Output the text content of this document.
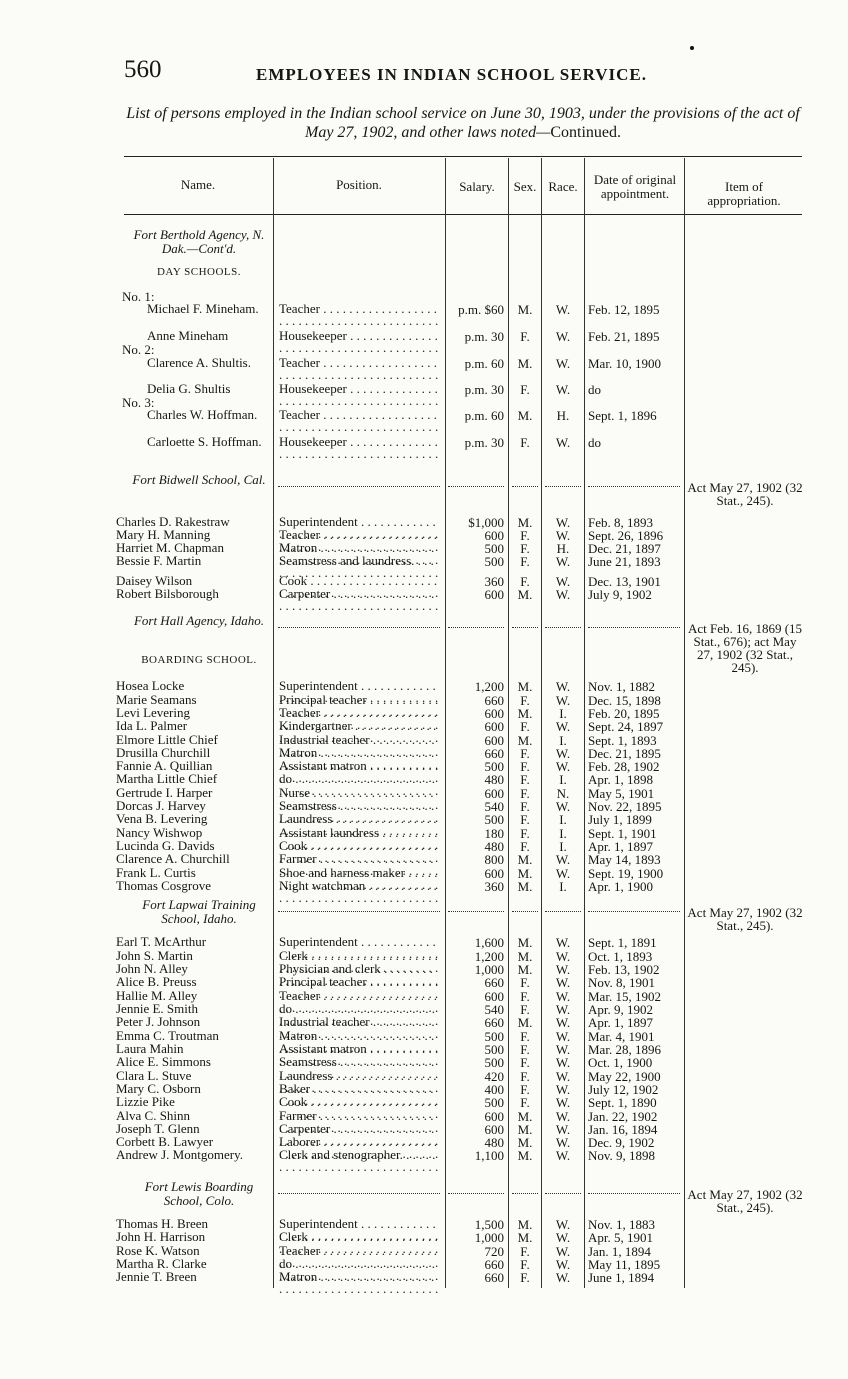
560	EMPLOYEES IN INDIAN SCHOOL SERVICE.
List of persons employed in the Indian school service on June 30, 1903, under the provisions of the act of May 27, 1902, and other laws noted—Continued.
Name.	Position.	Salary.	Sex. Race.	Date of original appointment.	Item of appropriation.
Fort Berthold Agency, N. Dak.—Cont'd.
DAY SCHOOLS.
No. 1:
Michael F. Mineham.	Teacher . . .	p.m. $60	M.	W.	Feb. 12, 1895
Anne Mineham	Housekeeper . . .	p.m. 30	F.	W.	Feb. 21, 1895
No. 2:
Clarence A. Shultis.	Teacher . . .	p.m. 60	M.	W.	Mar. 10, 1900
Delia G. Shultis	Housekeeper . . .	p.m. 30	F.	W.	do
No. 3:
Charles W. Hoffman.	Teacher . . .	p.m. 60	M.	H.	Sept. 1, 1896
Carloette S. Hoffman.	Housekeeper . . .	p.m. 30	F.	W.	do
Fort Bidwell School, Cal.
Act May 27, 1902 (32 Stat., 245).
Charles D. Rakestraw	Superintendent . . .	$1,000	M.	W.	Feb. 8, 1893
Mary H. Manning	Teacher . . .	600	F.	W.	Sept. 26, 1896
Harriet M. Chapman	Matron . . .	500	F.	H.	Dec. 21, 1897
Bessie F. Martin	Seamstress and laundress. . . .	500	F.	W.	June 21, 1893
Daisey Wilson	Cook . . .	360	F.	W.	Dec. 13, 1901
Robert Bilsborough	Carpenter . . .	600	M.	W.	July 9, 1902
Fort Hall Agency, Idaho.
BOARDING SCHOOL.
Act Feb. 16, 1869 (15 Stat., 676); act May 27, 1902 (32 Stat., 245).
Hosea Locke	Superintendent . . .	1,200	M.	W.	Nov. 1, 1882
Marie Seamans	Principal teacher . . .	660	F.	W.	Dec. 15, 1898
Levi Levering	Teacher . . .	600	M.	I.	Feb. 20, 1895
Ida L. Palmer	Kindergartner . . .	600	F.	W.	Sept. 24, 1897
Elmore Little Chief	Industrial teacher . . .	600	M.	I.	Sept. 1, 1893
Drusilla Churchill	Matron . . .	660	F.	W.	Dec. 21, 1895
Fannie A. Quillian	Assistant matron . . .	500	F.	W.	Feb. 28, 1902
Martha Little Chief	do . . .	480	F.	I.	Apr. 1, 1898
Gertrude I. Harper	Nurse . . .	600	F.	N.	May 5, 1901
Dorcas J. Harvey	Seamstress . . .	540	F.	W.	Nov. 22, 1895
Vena B. Levering	Laundress . . .	500	F.	I.	July 1, 1899
Nancy Wishwop	Assistant laundress . . .	180	F.	I.	Sept. 1, 1901
Lucinda G. Davids	Cook . . .	480	F.	I.	Apr. 1, 1897
Clarence A. Churchill	Farmer . . .	800	M.	W.	May 14, 1893
Frank L. Curtis	Shoe and harness maker . . .	600	M.	W.	Sept. 19, 1900
Thomas Cosgrove	Night watchman . . .	360	M.	I.	Apr. 1, 1900
Fort Lapwai Training School, Idaho.	Act May 27, 1902 (32 Stat., 245).
Earl T. McArthur	Superintendent . . .	1,600	M.	W.	Sept. 1, 1891
John S. Martin	Clerk . . .	1,200	M.	W.	Oct. 1, 1893
John N. Alley	Physician and clerk . . .	1,000	M.	W.	Feb. 13, 1902
Alice B. Preuss	Principal teacher . . .	660	F.	W.	Nov. 8, 1901
Hallie M. Alley	Teacher . . .	600	F.	W.	Mar. 15, 1902
Jennie E. Smith	do . . .	540	F.	W.	Apr. 9, 1902
Peter J. Johnson	Industrial teacher . . .	660	M.	W.	Apr. 1, 1897
Emma C. Troutman	Matron . . .	500	F.	W.	Mar. 4, 1901
Laura Mahin	Assistant matron . . .	500	F.	W.	Mar. 28, 1896
Alice E. Simmons	Seamstress . . .	500	F.	W.	Oct. 1, 1900
Clara L. Stuve	Laundress . . .	420	F.	W.	May 22, 1900
Mary C. Osborn	Baker . . .	400	F.	W.	July 12, 1902
Lizzie Pike	Cook . . .	500	F.	W.	Sept. 1, 1890
Alva C. Shinn	Farmer . . .	600	M.	W.	Jan. 22, 1902
Joseph T. Glenn	Carpenter . . .	600	M.	W.	Jan. 16, 1894
Corbett B. Lawyer	Laborer . . .	480	M.	W.	Dec. 9, 1902
Andrew J. Montgomery.	Clerk and stenographer. . . .	1,100	M.	W.	Nov. 9, 1898
Fort Lewis Boarding School, Colo.	Act May 27, 1902 (32 Stat., 245).
Thomas H. Breen	Superintendent . . .	1,500	M.	W.	Nov. 1, 1883
John H. Harrison	Clerk . . .	1,000	M.	W.	Apr. 5, 1901
Rose K. Watson	Teacher . . .	720	F.	W.	Jan. 1, 1894
Martha R. Clarke	do . . .	660	F.	W.	May 11, 1895
Jennie T. Breen	Matron . . .	660	F.	W.	June 1, 1894
